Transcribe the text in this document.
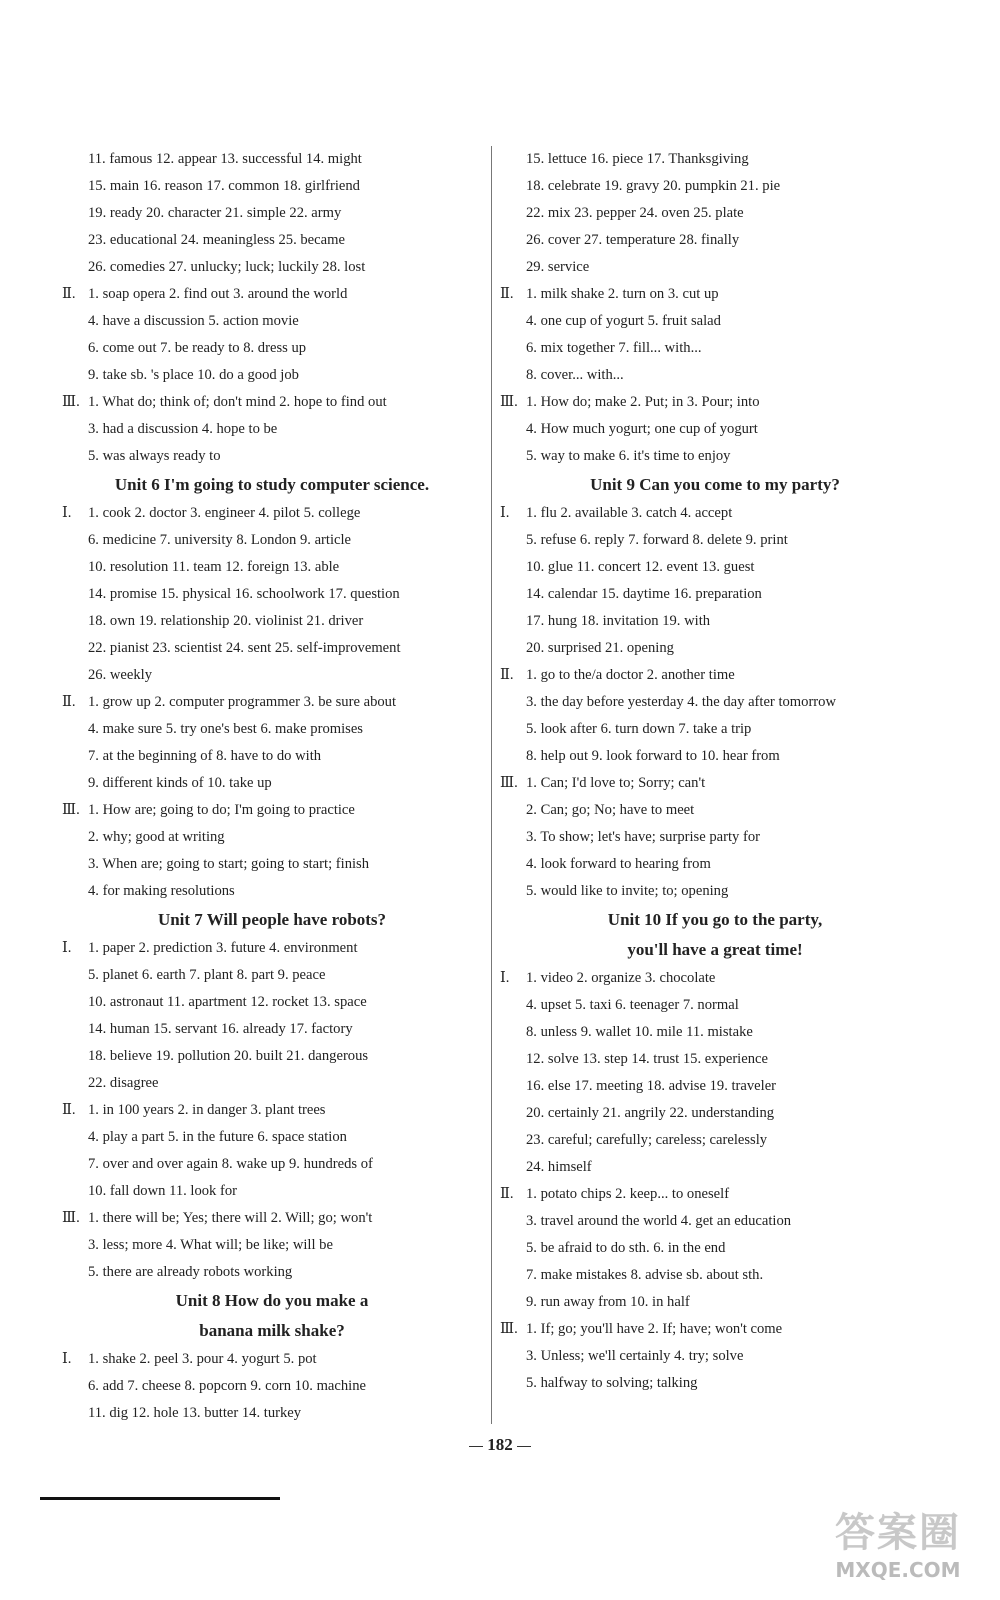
11. famous 12. appear 13. successful 14. might
15. main 16. reason 17. common 18. girlfriend
19. ready 20. character 21. simple 22. army
23. educational 24. meaningless 25. became
26. comedies 27. unlucky; luck; luckily 28. lost
Ⅱ. 1. soap opera 2. find out 3. around the world
4. have a discussion 5. action movie
6. come out 7. be ready to 8. dress up
9. take sb. 's place 10. do a good job
Ⅲ. 1. What do; think of; don't mind 2. hope to find out
3. had a discussion 4. hope to be
5. was always ready to
Unit 6 I'm going to study computer science.
Ⅰ. 1. cook 2. doctor 3. engineer 4. pilot 5. college
6. medicine 7. university 8. London 9. article
10. resolution 11. team 12. foreign 13. able
14. promise 15. physical 16. schoolwork 17. question
18. own 19. relationship 20. violinist 21. driver
22. pianist 23. scientist 24. sent 25. self-improvement
26. weekly
Ⅱ. 1. grow up 2. computer programmer 3. be sure about
4. make sure 5. try one's best 6. make promises
7. at the beginning of 8. have to do with
9. different kinds of 10. take up
Ⅲ. 1. How are; going to do; I'm going to practice
2. why; good at writing
3. When are; going to start; going to start; finish
4. for making resolutions
Unit 7 Will people have robots?
Ⅰ. 1. paper 2. prediction 3. future 4. environment
5. planet 6. earth 7. plant 8. part 9. peace
10. astronaut 11. apartment 12. rocket 13. space
14. human 15. servant 16. already 17. factory
18. believe 19. pollution 20. built 21. dangerous
22. disagree
Ⅱ. 1. in 100 years 2. in danger 3. plant trees
4. play a part 5. in the future 6. space station
7. over and over again 8. wake up 9. hundreds of
10. fall down 11. look for
Ⅲ. 1. there will be; Yes; there will 2. Will; go; won't
3. less; more 4. What will; be like; will be
5. there are already robots working
Unit 8 How do you make a
banana milk shake?
Ⅰ. 1. shake 2. peel 3. pour 4. yogurt 5. pot
6. add 7. cheese 8. popcorn 9. corn 10. machine
11. dig 12. hole 13. butter 14. turkey
15. lettuce 16. piece 17. Thanksgiving
18. celebrate 19. gravy 20. pumpkin 21. pie
22. mix 23. pepper 24. oven 25. plate
26. cover 27. temperature 28. finally
29. service
Ⅱ. 1. milk shake 2. turn on 3. cut up
4. one cup of yogurt 5. fruit salad
6. mix together 7. fill... with...
8. cover... with...
Ⅲ. 1. How do; make 2. Put; in 3. Pour; into
4. How much yogurt; one cup of yogurt
5. way to make 6. it's time to enjoy
Unit 9 Can you come to my party?
Ⅰ. 1. flu 2. available 3. catch 4. accept
5. refuse 6. reply 7. forward 8. delete 9. print
10. glue 11. concert 12. event 13. guest
14. calendar 15. daytime 16. preparation
17. hung 18. invitation 19. with
20. surprised 21. opening
Ⅱ. 1. go to the/a doctor 2. another time
3. the day before yesterday 4. the day after tomorrow
5. look after 6. turn down 7. take a trip
8. help out 9. look forward to 10. hear from
Ⅲ. 1. Can; I'd love to; Sorry; can't
2. Can; go; No; have to meet
3. To show; let's have; surprise party for
4. look forward to hearing from
5. would like to invite; to; opening
Unit 10 If you go to the party,
you'll have a great time!
Ⅰ. 1. video 2. organize 3. chocolate
4. upset 5. taxi 6. teenager 7. normal
8. unless 9. wallet 10. mile 11. mistake
12. solve 13. step 14. trust 15. experience
16. else 17. meeting 18. advise 19. traveler
20. certainly 21. angrily 22. understanding
23. careful; carefully; careless; carelessly
24. himself
Ⅱ. 1. potato chips 2. keep... to oneself
3. travel around the world 4. get an education
5. be afraid to do sth. 6. in the end
7. make mistakes 8. advise sb. about sth.
9. run away from 10. in half
Ⅲ. 1. If; go; you'll have 2. If; have; won't come
3. Unless; we'll certainly 4. try; solve
5. halfway to solving; talking
182
答案圈
MXQE.COM
